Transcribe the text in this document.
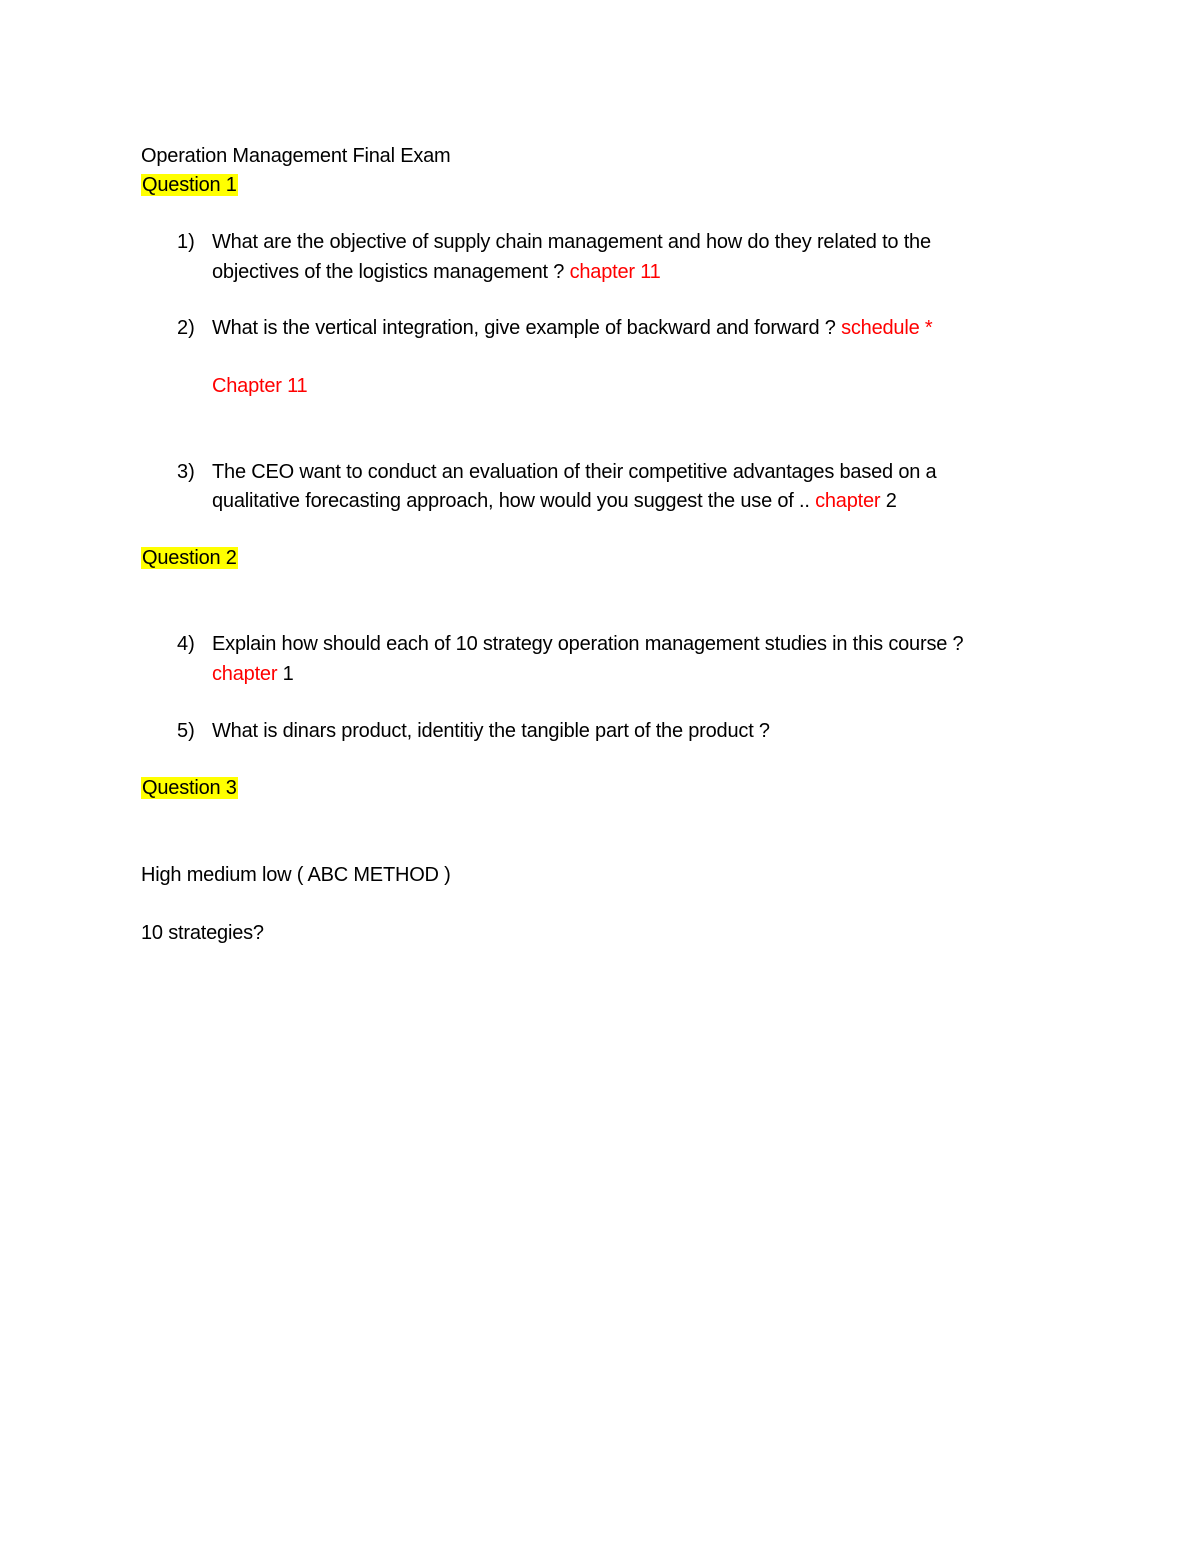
Operation Management Final Exam
Question 1
1) What are the objective of supply chain management and how do they related to the
objectives of the logistics management ? chapter 11
2) What is the vertical integration, give example of backward and forward ? schedule *
Chapter 11
3) The CEO want to conduct an evaluation of their competitive advantages based on a
qualitative forecasting approach, how would you suggest the use of .. chapter 2
Question 2
4) Explain how should each of 10 strategy operation management studies in this course ?
chapter 1
5) What is dinars product, identitiy the tangible part of the product ?
Question 3
High medium low ( ABC METHOD )
10 strategies?
